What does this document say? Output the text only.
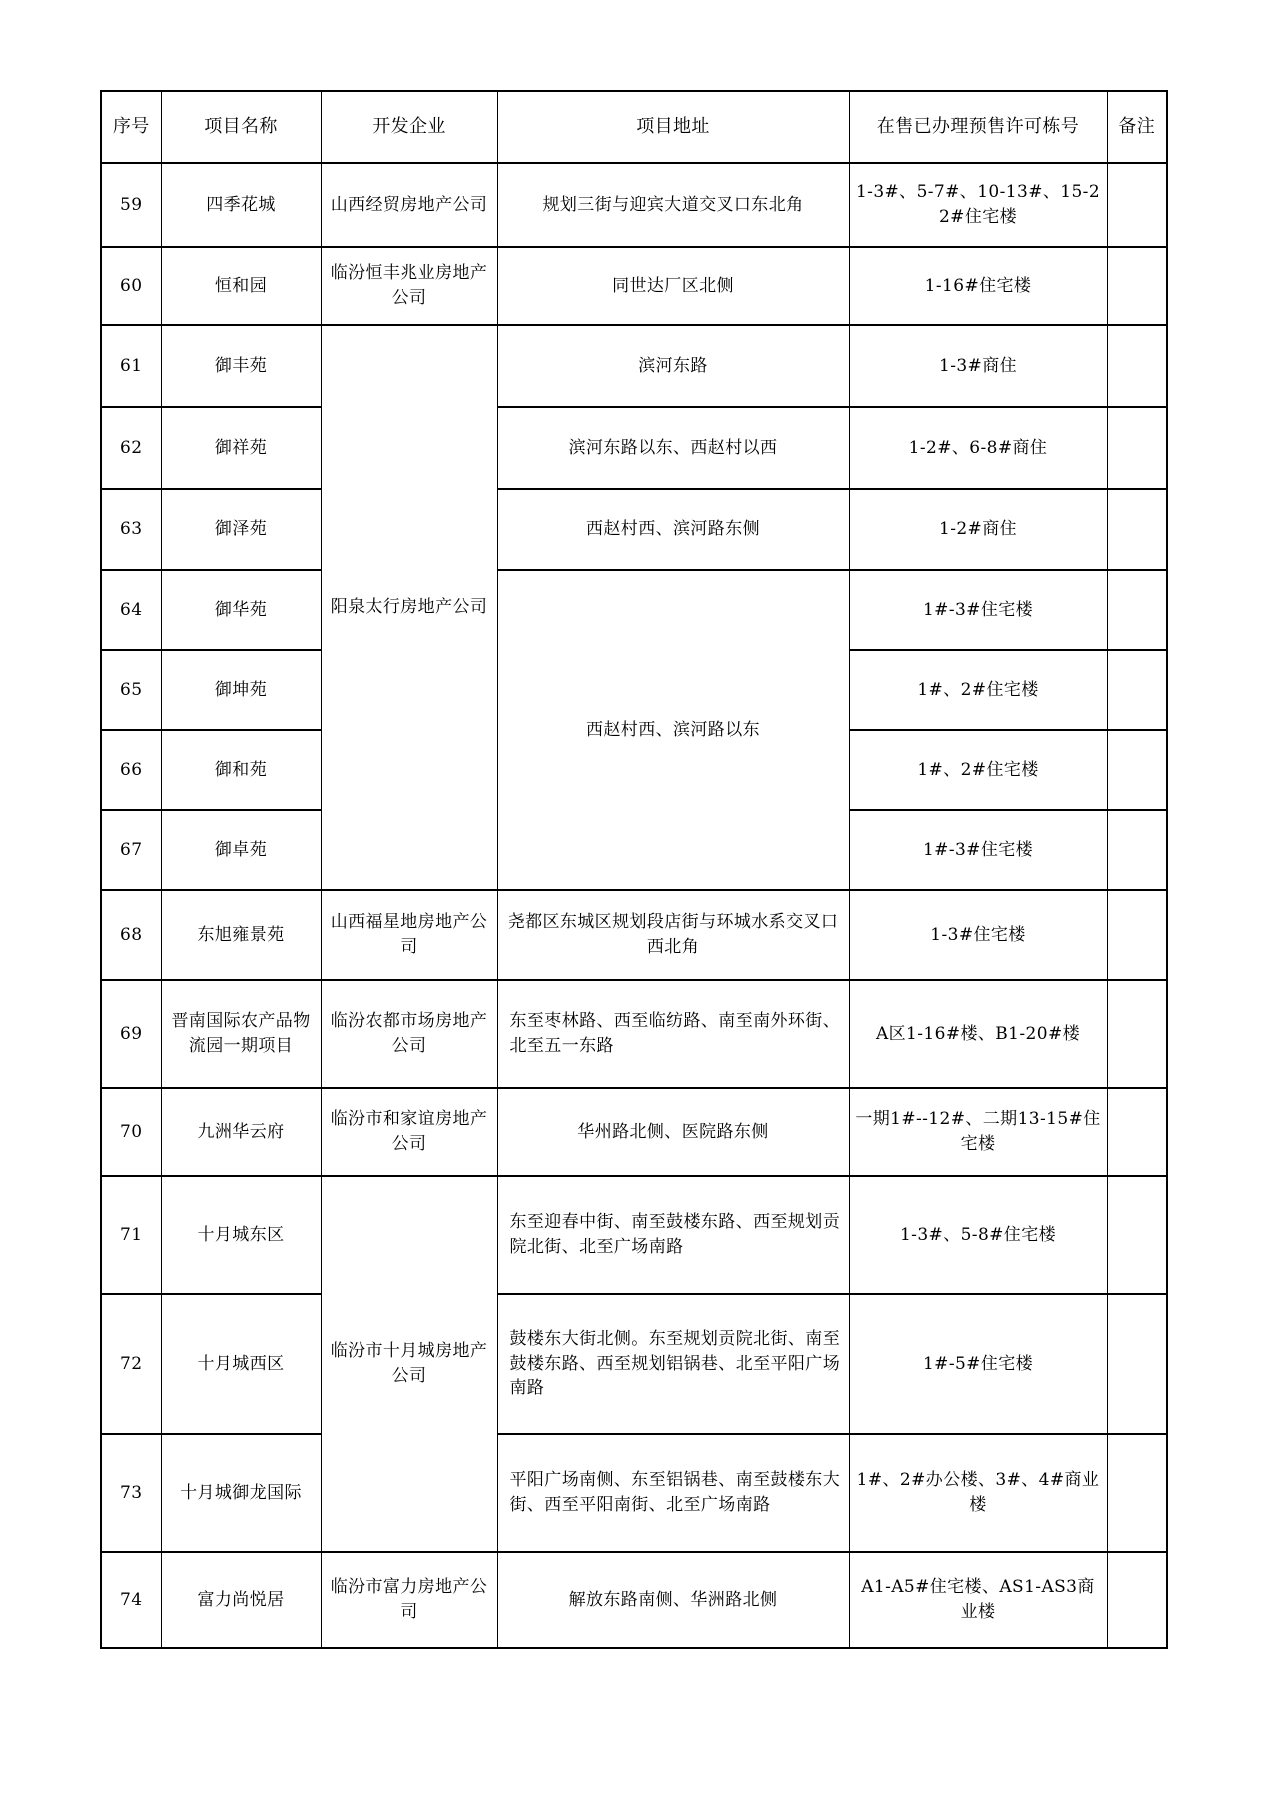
序号	项目名称	开发企业	项目地址	在售已办理预售许可栋号	备注
59	四季花城	山西经贸房地产公司	规划三街与迎宾大道交叉口东北角	1-3#、5-7#、10-13#、15-22#住宅楼	
60	恒和园	临汾恒丰兆业房地产公司	同世达厂区北侧	1-16#住宅楼	
61	御丰苑	阳泉太行房地产公司	滨河东路	1-3#商住	
62	御祥苑		滨河东路以东、西赵村以西	1-2#、6-8#商住	
63	御泽苑		西赵村西、滨河路东侧	1-2#商住	
64	御华苑		西赵村西、滨河路以东	1#-3#住宅楼	
65	御坤苑			1#、2#住宅楼	
66	御和苑			1#、2#住宅楼	
67	御卓苑			1#-3#住宅楼	
68	东旭雍景苑	山西福星地房地产公司	尧都区东城区规划段店街与环城水系交叉口西北角	1-3#住宅楼	
69	晋南国际农产品物流园一期项目	临汾农都市场房地产公司	东至枣林路、西至临纺路、南至南外环街、北至五一东路	A区1-16#楼、B1-20#楼	
70	九洲华云府	临汾市和家谊房地产公司	华州路北侧、医院路东侧	一期1#--12#、二期13-15#住宅楼	
71	十月城东区	临汾市十月城房地产公司	东至迎春中街、南至鼓楼东路、西至规划贡院北街、北至广场南路	1-3#、5-8#住宅楼	
72	十月城西区		鼓楼东大街北侧。东至规划贡院北街、南至鼓楼东路、西至规划铝锅巷、北至平阳广场南路	1#-5#住宅楼	
73	十月城御龙国际		平阳广场南侧、东至铝锅巷、南至鼓楼东大街、西至平阳南街、北至广场南路	1#、2#办公楼、3#、4#商业楼	
74	富力尚悦居	临汾市富力房地产公司	解放东路南侧、华洲路北侧	A1-A5#住宅楼、AS1-AS3商业楼	
